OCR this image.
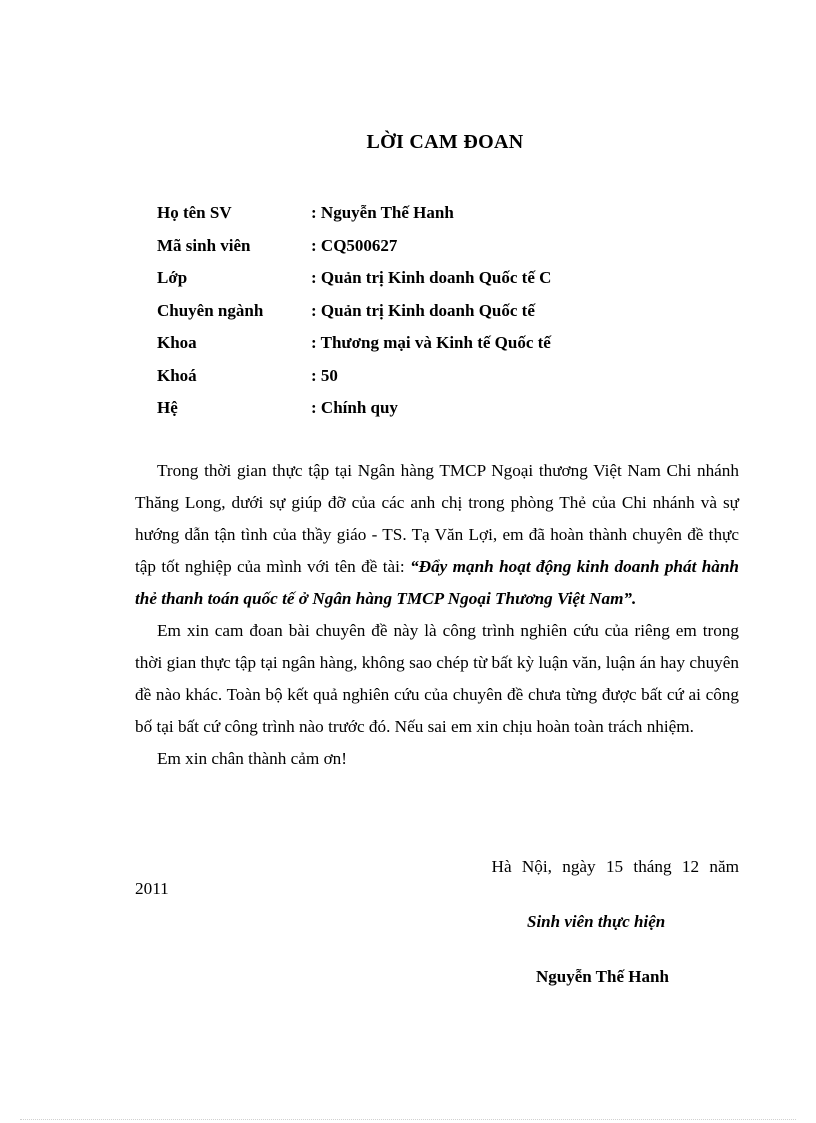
LỜI CAM ĐOAN
Họ tên SV	: Nguyễn Thế Hanh
Mã sinh viên	: CQ500627
Lớp	: Quản trị Kinh doanh Quốc tế C
Chuyên ngành	: Quản trị Kinh doanh Quốc tế
Khoa	: Thương mại và Kinh tế Quốc tế
Khoá	: 50
Hệ	: Chính quy

Trong thời gian thực tập tại Ngân hàng TMCP Ngoại thương Việt Nam Chi nhánh Thăng Long, dưới sự giúp đỡ của các anh chị trong phòng Thẻ của Chi nhánh và sự hướng dẫn tận tình của thầy giáo - TS. Tạ Văn Lợi, em đã hoàn thành chuyên đề thực tập tốt nghiệp của mình với tên đề tài: “Đẩy mạnh hoạt động kinh doanh phát hành thẻ thanh toán quốc tế ở Ngân hàng TMCP Ngoại Thương Việt Nam”.

Em xin cam đoan bài chuyên đề này là công trình nghiên cứu của riêng em trong thời gian thực tập tại ngân hàng, không sao chép từ bất kỳ luận văn, luận án hay chuyên đề nào khác. Toàn bộ kết quả nghiên cứu của chuyên đề chưa từng được bất cứ ai công bố tại bất cứ công trình nào trước đó. Nếu sai em xin chịu hoàn toàn trách nhiệm.

Em xin chân thành cảm ơn!

Hà Nội, ngày 15 tháng 12 năm
2011
Sinh viên thực hiện
Nguyễn Thế Hanh
